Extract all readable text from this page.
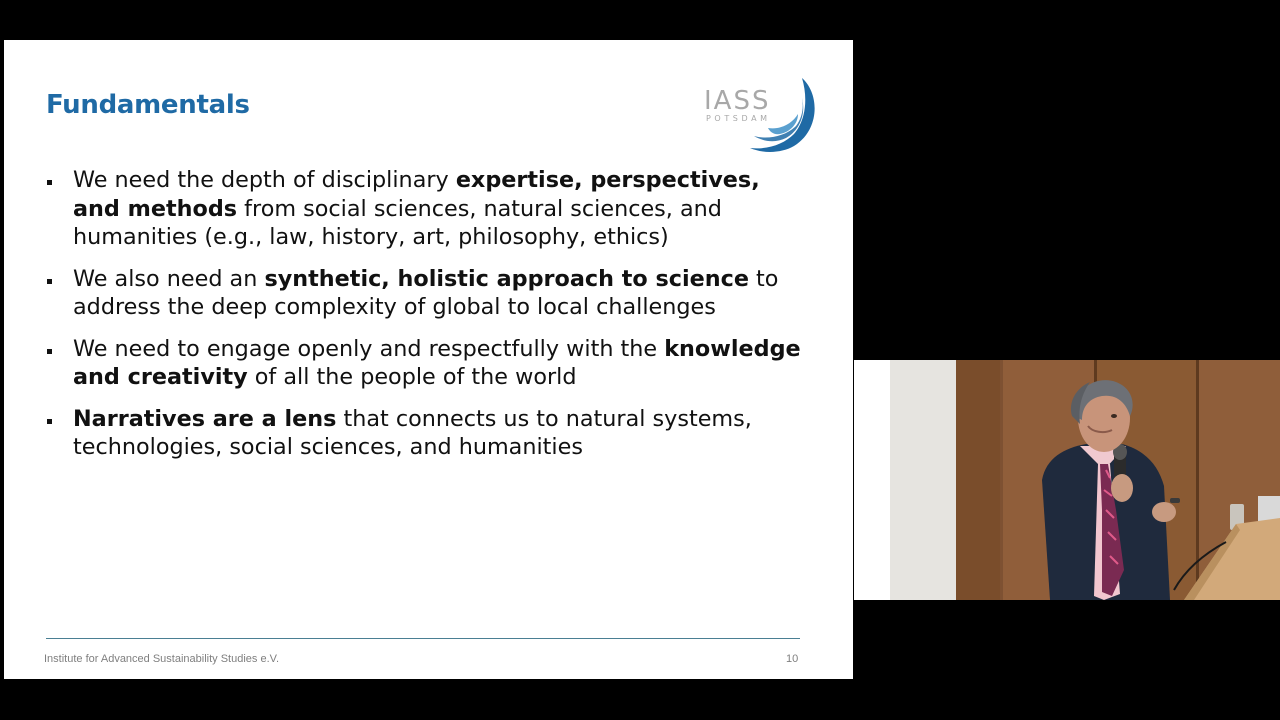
Fundamentals	IASS
POTSDAM
We need the depth of disciplinary expertise, perspectives, and methods from social sciences, natural sciences, and humanities (e.g., law, history, art, philosophy, ethics)
We also need an synthetic, holistic approach to science to address the deep complexity of global to local challenges
We need to engage openly and respectfully with the knowledge and creativity of all the people of the world
Narratives are a lens that connects us to natural systems, technologies, social sciences, and humanities
Institute for Advanced Sustainability Studies e.V.	10
